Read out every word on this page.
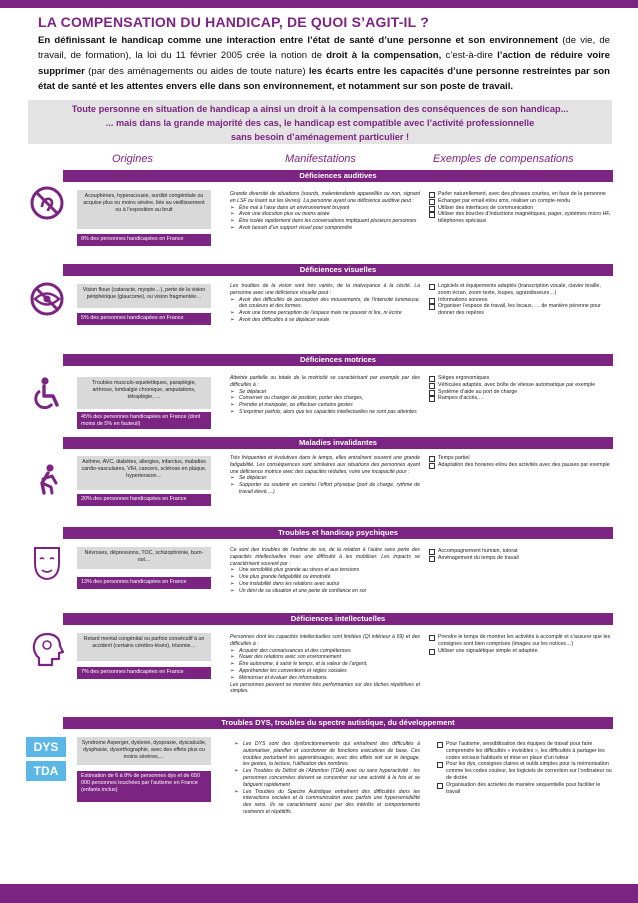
LA COMPENSATION DU HANDICAP, DE QUOI S’AGIT-IL ?

En définissant le handicap comme une interaction entre l’état de santé d’une personne et son environnement (de vie, de travail, de formation), la loi du 11 février 2005 crée la notion de droit à la compensation, c’est-à-dire l’action de réduire voire supprimer (par des aménagements ou aides de toute nature) les écarts entre les capacités d’une personne restreintes par son état de santé et les attentes envers elle dans son environnement, et notamment sur son poste de travail.

Toute personne en situation de handicap a ainsi un droit à la compensation des conséquences de son handicap...
... mais dans la grande majorité des cas, le handicap est compatible avec l’activité professionnelle
sans besoin d’aménagement particulier !
Origines	Manifestations	Exemples de compensations
Déficiences auditives
Acouphènes, hyperacousie, surdité congénitale ou acquise plus ou moins sévère, liée au vieillissement ou à l’exposition au bruit
8% des personnes handicapées en France
Grande diversité de situations (sourds, malentendants appareillés ou non, signant en LSF ou lisant sur les lèvres). La personne ayant une déficience auditive peut :
➢ Être mal à l’aise dans un environnement bruyant
➢ Avoir une élocution plus ou moins aisée
➢ Être isolée rapidement dans les conversations impliquant plusieurs personnes
➢ Avoir besoin d’un support visuel pour comprendre
Parler naturellement, avec des phrases courtes, en face de la personne
Échanger par email et/ou sms, réaliser un compte-rendu
Utiliser des interfaces de communication
Utiliser des boucles d’inductions magnétiques, pager, systèmes micro HF, téléphones spéciaux
Déficiences visuelles
Vision floue (cataracte, myopie…), perte de la vision périphérique (glaucome), ou vision fragmentée…
5% des personnes handicapées en France
Les troubles de la vision sont très variés, de la malvoyance à la cécité. La personne avec une déficience visuelle peut :
➢ Avoir des difficultés de perception des mouvements, de l’intensité lumineuse, des couleurs et des formes.
➢ Avoir une bonne perception de l’espace mais ne pouvoir ni lire, ni écrire
➢ Avoir des difficultés à se déplacer seule
Logiciels et équipements adaptés (transcription vocale, clavier braille, zoom écran, zoom texte, loupes, agrandisseurs…)
Informations sonores
Organiser l’espace de travail, les locaux, … de manière pérenne pour donner des repères
Déficiences motrices
Troubles musculo-squelettiques, paraplégie, arthrose, lombalgie chronique, amputations, tétraplégie, …
45% des personnes handicapées en France (dont moins de 5% en fauteuil)
Atteinte partielle ou totale de la motricité se caractérisant par exemple par des difficultés à :
➢ Se déplacer
➢ Conserver ou changer de position, porter des charges,
➢ Prendre et manipuler, ou effectuer certains gestes
➢ S’exprimer parfois, alors que les capacités intellectuelles ne sont pas atteintes
Sièges ergonomiques
Véhicules adaptés, avec boîte de vitesse automatique par exemple
Système d’aide au port de charge
Rampes d’accès,…
Maladies invalidantes
Asthme, AVC, diabètes, allergies, infarctus, maladies cardio-vasculaires, VIH, cancers, sclérose en plaque, hypertension…
20% des personnes handicapées en France
Très fréquentes et évolutives dans le temps, elles entraînent souvent une grande fatigabilité. Les conséquences sont similaires aux situations des personnes ayant une déficience motrice avec des capacités réduites, voire une incapacité pour :
➢ Se déplacer
➢ Supporter ou soutenir en continu l’effort physique (port de charge, rythme de travail élevé,…)
Temps partiel
Adaptation des horaires et/ou des activités avec des pauses par exemple
Troubles et handicap psychiques
Névroses, dépressions, TOC, schizophrénie, burn-out…
13% des personnes handicapées en France
Ce sont des troubles de l’estime de soi, de la relation à l’autre sans perte des capacités intellectuelles mais une difficulté à les mobiliser. Les impacts se caractérisent souvent par :
➢ Une sensibilité plus grande au stress et aux tensions
➢ Une plus grande fatigabilité ou émotivité
➢ Une instabilité dans les relations avec autrui
➢ Un déni de sa situation et une perte de confiance en soi
Accompagnement humain, tutorat
Aménagement du temps de travail
Déficiences intellectuelles
Retard mental congénital ou parfois consécutif à un accident (certains cérébro-lésés), trisomie…
7% des personnes handicapées en France
Personnes dont les capacités intellectuelles sont limitées (QI inférieur à 69) et des difficultés à :
➢ Acquérir des connaissances et des compétences
➢ Nouer des relations avec son environnement
➢ Être autonome, à saisir le temps, et la valeur de l’argent,
➢ Appréhender les conventions et règles sociales
➢ Mémoriser et évaluer des informations.
Les personnes peuvent se montrer très performantes sur des tâches répétitives et simples.
Prendre le temps de montrer les activités à accomplir et s’assurer que les consignes sont bien comprises (images sur les notices…)
Utiliser une signalétique simple et adaptée
Troubles DYS, troubles du spectre autistique, du développement
DYS
TDA
Syndrome Asperger, dyslexie, dyspraxie, dyscalculie, dysphasie, dysorthographie, avec des effets plus ou moins sévères,…
Estimation de 6 à 8% de personnes dys et de 650 000 personnes touchées par l’autisme en France (enfants inclus)
➢ Les DYS sont des dysfonctionnements qui entraînent des difficultés à automatiser, planifier et coordonner de fonctions exécutives de base. Ces troubles perturbent les apprentissages, avec des effets soit sur le langage, les gestes, la lecture, l’utilisation des nombres.
➢ Les Troubles du Déficit de l’Attention (TDA) avec ou sans hyperactivité : les personnes concernées doivent se concentrer sur une activité à la fois et se fatiguent rapidement
➢ Les Troubles du Spectre Autistique entraînent des difficultés dans les interactions sociales et la communication avec parfois une hypersensibilité des sens. Ils se caractérisent aussi par des intérêts et comportements restreints et répétitifs.
Pour l’autisme, sensibilisation des équipes de travail pour faire comprendre les difficultés « invisibles », les difficultés à partager les codes sociaux habituels et mise en place d’un tuteur
Pour les dys, consignes claires et outils simples pour la mémorisation comme les codes couleur, les logiciels de correction sur l’ordinateur ou de dictée
Organisation des activités de manière séquentielle pour faciliter le travail
